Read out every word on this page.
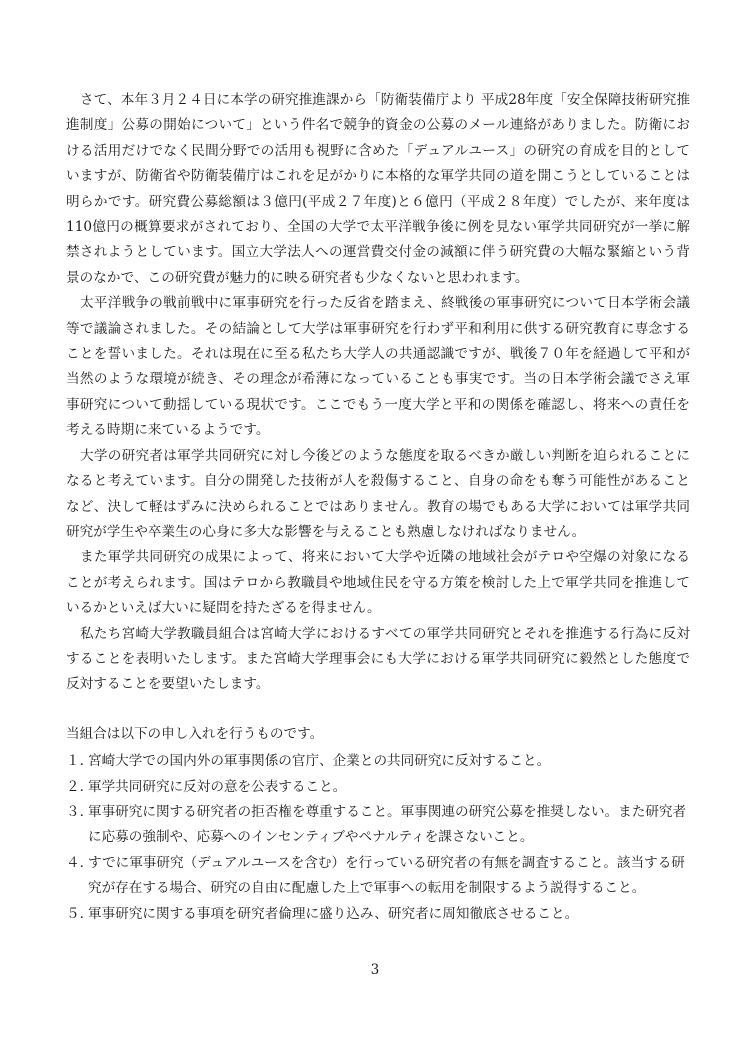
さて、本年３月２４日に本学の研究推進課から「防衛装備庁より 平成28年度「安全保障技術研究推進制度」公募の開始について」という件名で競争的資金の公募のメール連絡がありました。防衛における活用だけでなく民間分野での活用も視野に含めた「デュアルユース」の研究の育成を目的としていますが、防衛省や防衛装備庁はこれを足がかりに本格的な軍学共同の道を開こうとしていることは明らかです。研究費公募総額は３億円(平成２７年度)と６億円（平成２８年度）でしたが、来年度は110億円の概算要求がされており、全国の大学で太平洋戦争後に例を見ない軍学共同研究が一挙に解禁されようとしています。国立大学法人への運営費交付金の減額に伴う研究費の大幅な緊縮という背景のなかで、この研究費が魅力的に映る研究者も少なくないと思われます。

太平洋戦争の戦前戦中に軍事研究を行った反省を踏まえ、終戦後の軍事研究について日本学術会議等で議論されました。その結論として大学は軍事研究を行わず平和利用に供する研究教育に専念することを誓いました。それは現在に至る私たち大学人の共通認識ですが、戦後７０年を経過して平和が当然のような環境が続き、その理念が希薄になっていることも事実です。当の日本学術会議でさえ軍事研究について動揺している現状です。ここでもう一度大学と平和の関係を確認し、将来への責任を考える時期に来ているようです。

大学の研究者は軍学共同研究に対し今後どのような態度を取るべきか厳しい判断を迫られることになると考えています。自分の開発した技術が人を殺傷すること、自身の命をも奪う可能性があることなど、決して軽はずみに決められることではありません。教育の場でもある大学においては軍学共同研究が学生や卒業生の心身に多大な影響を与えることも熟慮しなければなりません。

また軍学共同研究の成果によって、将来において大学や近隣の地域社会がテロや空爆の対象になることが考えられます。国はテロから教職員や地域住民を守る方策を検討した上で軍学共同を推進しているかといえば大いに疑問を持たざるを得ません。

私たち宮崎大学教職員組合は宮崎大学におけるすべての軍学共同研究とそれを推進する行為に反対することを表明いたします。また宮崎大学理事会にも大学における軍学共同研究に毅然とした態度で反対することを要望いたします。

当組合は以下の申し入れを行うものです。

１．
宮崎大学での国内外の軍事関係の官庁、企業との共同研究に反対すること。
２．
軍学共同研究に反対の意を公表すること。
３．
軍事研究に関する研究者の拒否権を尊重すること。軍事関連の研究公募を推奨しない。また研究者に応募の強制や、応募へのインセンティブやペナルティを課さないこと。
４．
すでに軍事研究（デュアルユースを含む）を行っている研究者の有無を調査すること。該当する研究が存在する場合、研究の自由に配慮した上で軍事への転用を制限するよう説得すること。
５．
軍事研究に関する事項を研究者倫理に盛り込み、研究者に周知徹底させること。
3
